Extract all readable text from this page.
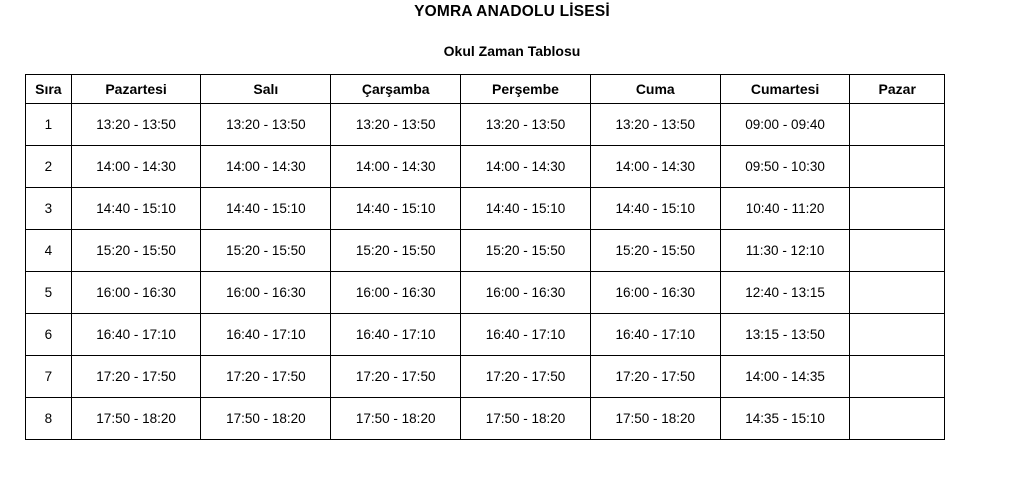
YOMRA ANADOLU LİSESİ

Okul Zaman Tablosu

Sıra	Pazartesi	Salı	Çarşamba	Perşembe	Cuma	Cumartesi	Pazar
1	13:20 - 13:50	13:20 - 13:50	13:20 - 13:50	13:20 - 13:50	13:20 - 13:50	09:00 - 09:40	
2	14:00 - 14:30	14:00 - 14:30	14:00 - 14:30	14:00 - 14:30	14:00 - 14:30	09:50 - 10:30	
3	14:40 - 15:10	14:40 - 15:10	14:40 - 15:10	14:40 - 15:10	14:40 - 15:10	10:40 - 11:20	
4	15:20 - 15:50	15:20 - 15:50	15:20 - 15:50	15:20 - 15:50	15:20 - 15:50	11:30 - 12:10	
5	16:00 - 16:30	16:00 - 16:30	16:00 - 16:30	16:00 - 16:30	16:00 - 16:30	12:40 - 13:15	
6	16:40 - 17:10	16:40 - 17:10	16:40 - 17:10	16:40 - 17:10	16:40 - 17:10	13:15 - 13:50	
7	17:20 - 17:50	17:20 - 17:50	17:20 - 17:50	17:20 - 17:50	17:20 - 17:50	14:00 - 14:35	
8	17:50 - 18:20	17:50 - 18:20	17:50 - 18:20	17:50 - 18:20	17:50 - 18:20	14:35 - 15:10	
